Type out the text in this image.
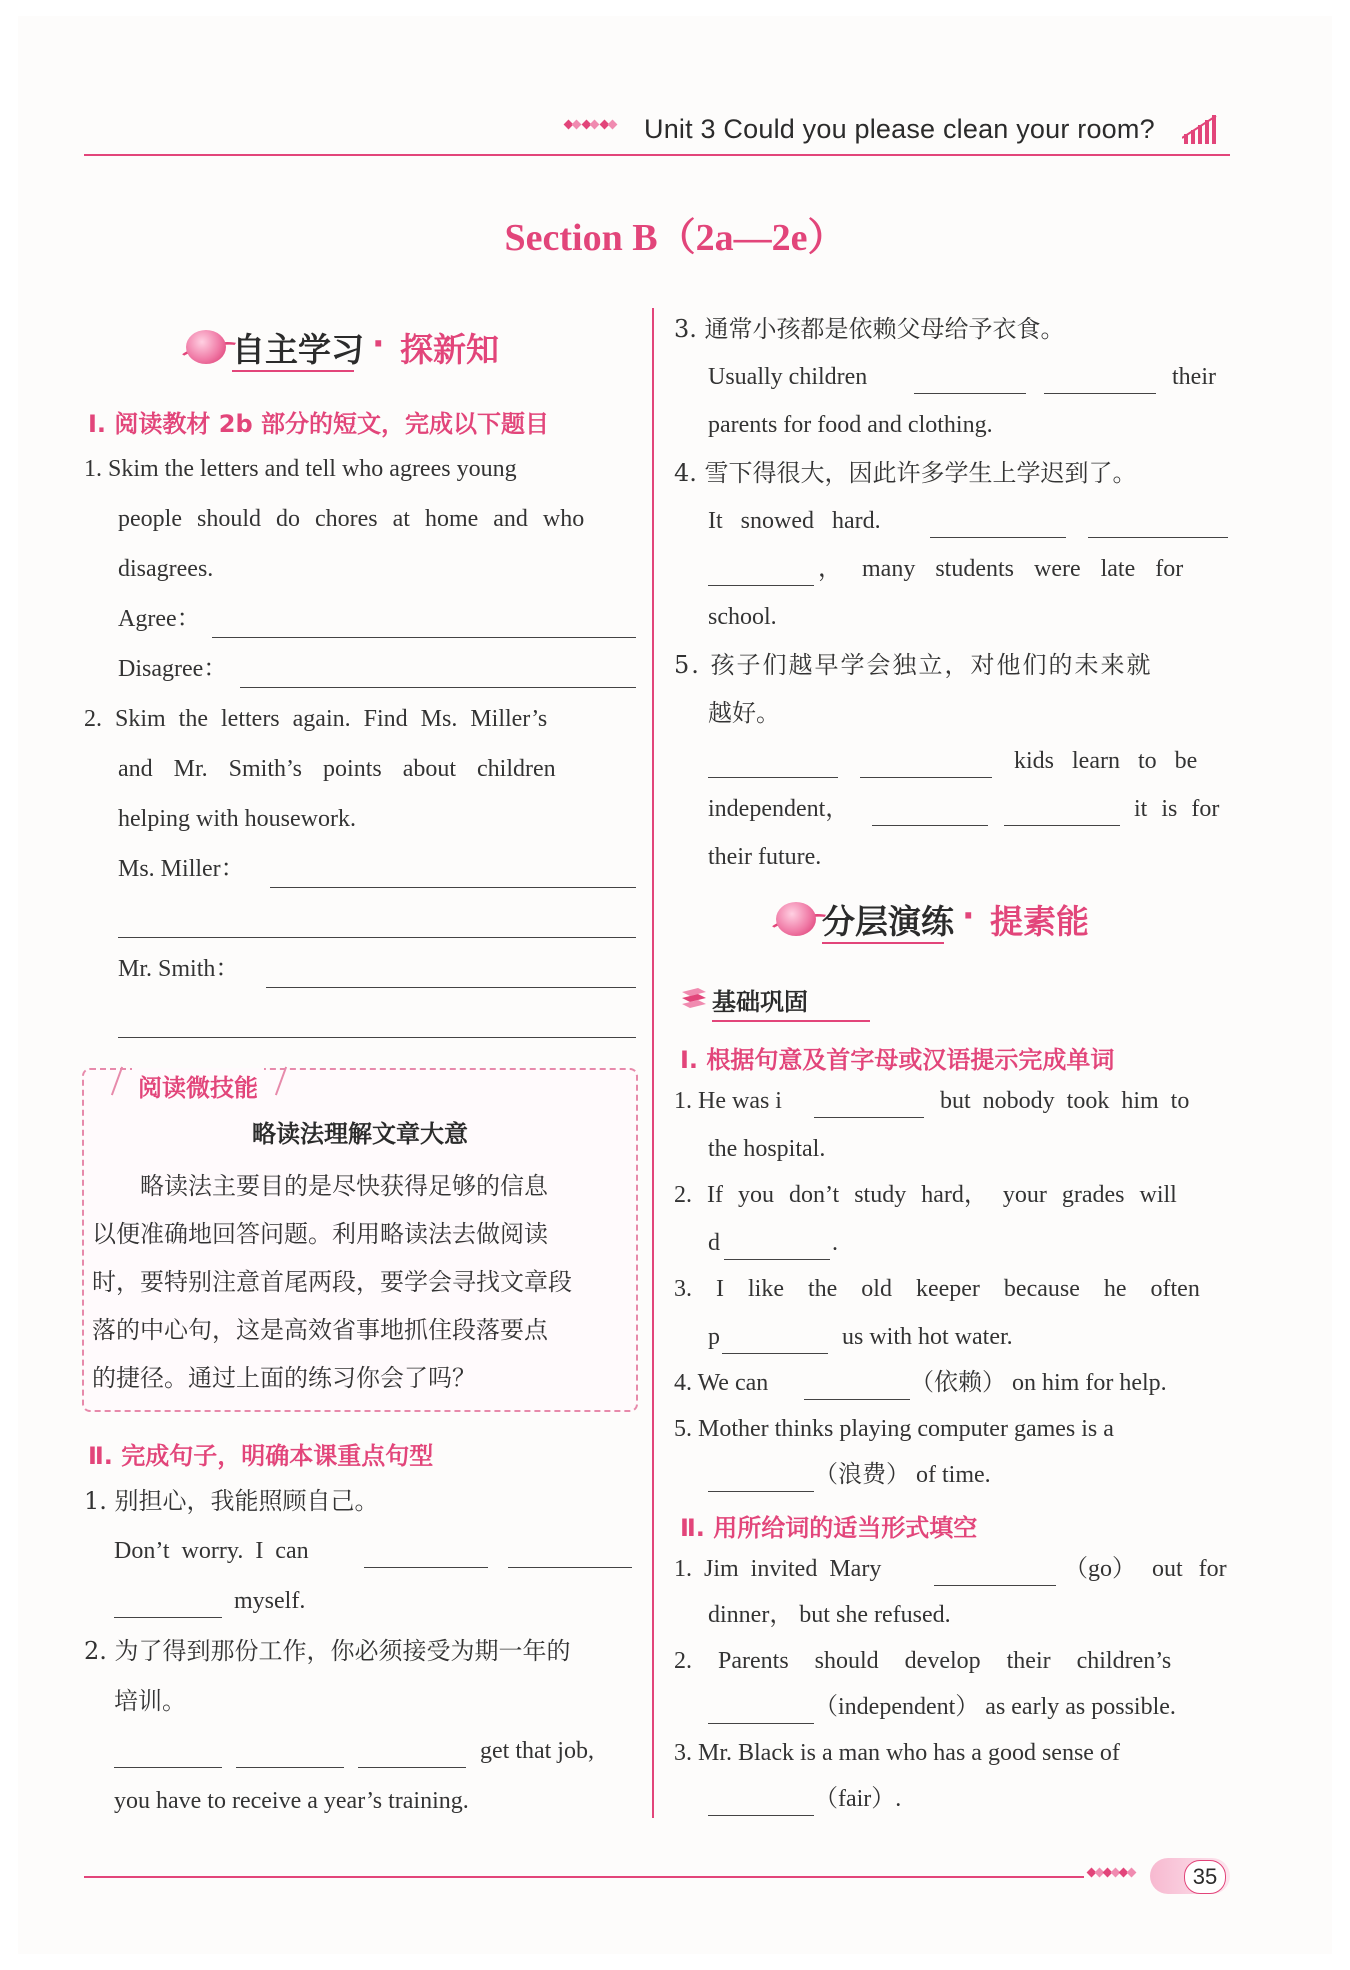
Unit 3 Could you please clean your room?
Section B（2a—2e）
自主学习 · 探新知
Ⅰ. 阅读教材 2b 部分的短文，完成以下题目
1. Skim the letters and tell who agrees young
people should do chores at home and who
disagrees.
Agree：
Disagree：
2. Skim the letters again. Find Ms. Miller’s
and Mr. Smith’s points about children
helping with housework.
Ms. Miller：
Mr. Smith：
阅读微技能
略读法理解文章大意
　　略读法主要目的是尽快获得足够的信息
以便准确地回答问题。利用略读法去做阅读
时，要特别注意首尾两段，要学会寻找文章段
落的中心句，这是高效省事地抓住段落要点
的捷径。通过上面的练习你会了吗？
Ⅱ. 完成句子，明确本课重点句型
1. 别担心，我能照顾自己。
Don’t worry. I can
myself.
2. 为了得到那份工作，你必须接受为期一年的
培训。
get that job,
you have to receive a year’s training.
3. 通常小孩都是依赖父母给予衣食。
Usually children	their
parents for food and clothing.
4. 雪下得很大，因此许多学生上学迟到了。
It snowed hard.
， many students were late for
school.
5. 孩子们越早学会独立，对他们的未来就
越好。
kids learn to be
independent，	it is for
their future.
分层演练 · 提素能
基础巩固
Ⅰ. 根据句意及首字母或汉语提示完成单词
1. He was i	but nobody took him to
the hospital.
2. If you don’t study hard， your grades will
d	.
3. I like the old keeper because he often
p	us with hot water.
4. We can	（依赖） on him for help.
5. Mother thinks playing computer games is a
（浪费） of time.
Ⅱ. 用所给词的适当形式填空
1. Jim invited Mary	（go） out for
dinner， but she refused.
2. Parents should develop their children’s
（independent） as early as possible.
3. Mr. Black is a man who has a good sense of
（fair）.
35
